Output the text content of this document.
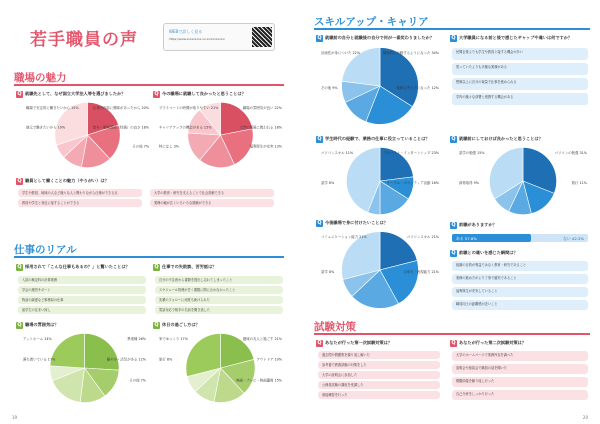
若手職員の声	WEBで詳しく見る
https://www.xxxxxxxxx.xx.xx/xxxxxxxx/
職場の魅力
Q 就職先として、なぜ国立大学法人等を選びましたか？
仕事の内容に興味があったから 20%
職場で安定的に働きたいから 15%
給与・勤務環境（待遇）の良さ 18%
地元で働きたいから 10%
その他 7%
Q 今の職場に就職して良かったと思うことは？
職場の雰囲気が良い 22%
プライベートの時間が取りやすい 21%
大学の環境に携われる 18%
キャリアアップの機会がある 15%
福利厚生が充実 13%
特になし 3%
Q 職員として働くことの魅力（やりがい）は？
学生や教員、地域の人など様々な人と関わりながら仕事ができる点	大学の教育・研究を支えることで社会貢献できる
教員や学生と身近に接することができる	業務の幅が広くいろいろな経験ができる
仕事のリアル
Q 採用されて「こんな仕事もあるの？」と驚いたことは？
入試の検定料の計算業務
学会の運営サポート
物品の調達など事務局の仕事
留学生の住まい探し
Q 仕事での失敗談、苦労話は？
自分の不注意から書類を提出し忘れてしまったこと
スケジュール管理が甘く期限に間に合わなかったこと
先輩のフォローに何度も助けられた
電話対応で相手の名前を聞き逃した
Q 職場の雰囲気は？
異業種 26%
アットホーム 14%
賑やか・活気がある 12%
落ち着いている 17%
その他 7%
Q 休日の過ごし方は？
趣味の友人と過ごす 21%
家でゆっくり 17%
アウトドア 10%
旅行 8%
映画・テレビ・映画鑑賞 15%
19
スキルアップ・キャリア
Q 就職前の自分と就職後の自分で何が一番変わりましたか？
積極的に行動するようになった 34%
計画性が身についた 22%
柔軟な考え方になった 12%
その他 9%
Q 大学職員になる前と後で感じたギャップや違いは何ですか？
民間企業よりも学生や教員と接する機会が多い
思っていたよりも多様な業務がある
想像以上に自分の裁量で仕事を進められる
学内の様々な部署と連携する機会がある
Q 学生時代の経験で、業務の仕事に役立っていることは？
アルバイト・インターンシップ 23%
パソコンスキル 11%
サークル・ボランティア活動 16%
語学 6%
Q 就職前にしておけば良かったと思うことは？
パソコンの勉強 31%
語学の勉強 15%
旅行 11%
資格取得 9%
Q 今後職場で身に付けたいことは？
パソコンスキル 21%
コミュニケーション能力 21%
文章力・表現能力 21%
語学 8%
Q 前職がありますか？
ある 57.8%	ない 42.2%
Q 前職との違いを感じた瞬間は？
組織の目的が利益ではなく教育・研究であること
業務の進め方がより丁寧で確実であること
福利厚生が充実していること
職員同士の距離感が近いこと
試験対策
Q あなたが行った第一次試験対策は？
過去問や問題集を繰り返し解いた
参考書で教養試験の対策をした
大学の説明会に参加した
公務員試験の講座を受講した
面接練習を行った
Q あなたが行った第二次試験対策は？
大学のホームページで業務内容を調べた
説明会や座談会で職員の話を聞いた
模擬面接を繰り返し行った
自己分析をしっかり行った
20
